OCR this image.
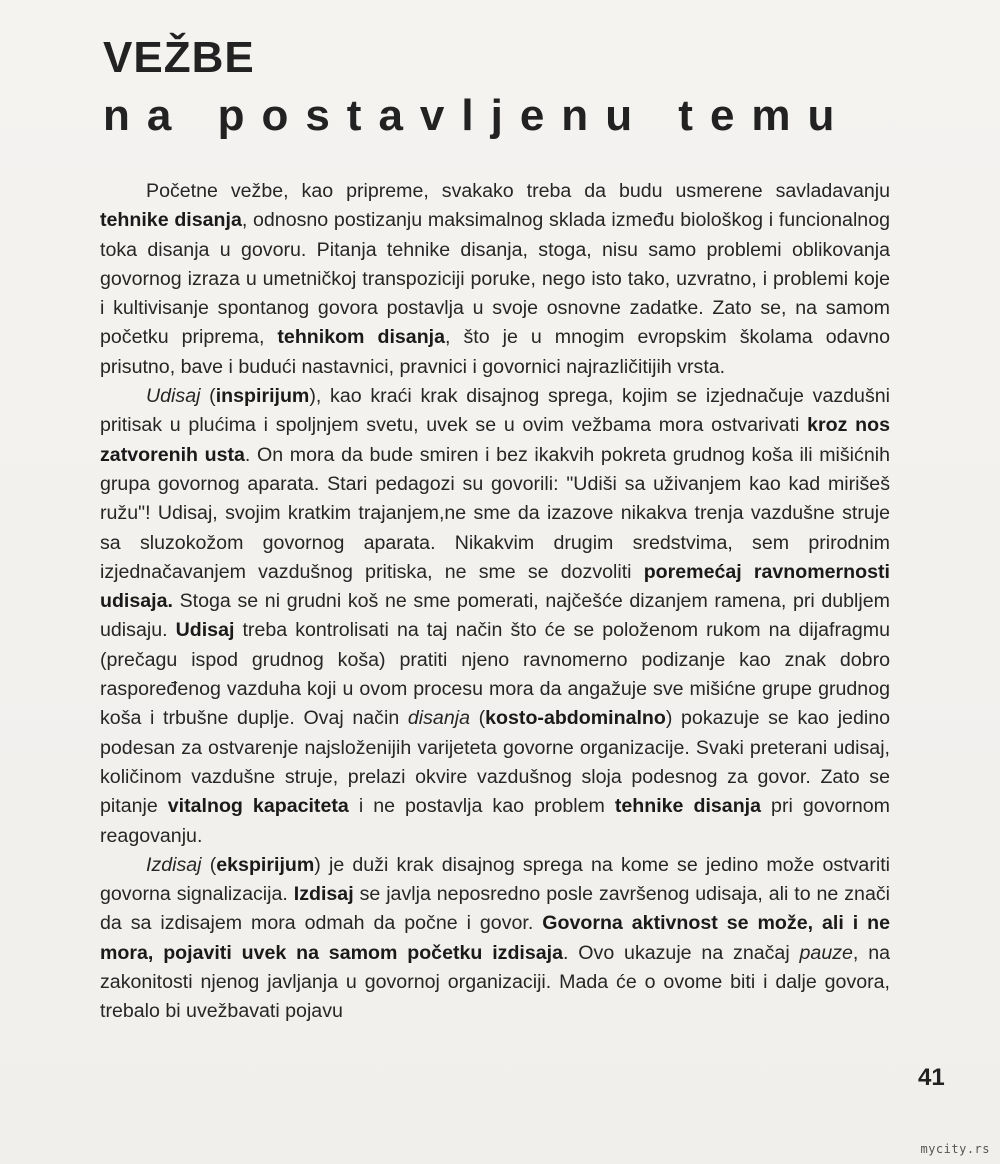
VEŽBE
na postavljenu temu

Početne vežbe, kao pripreme, svakako treba da budu usmerene savladavanju tehnike disanja, odnosno postizanju maksimalnog sklada između biološkog i funcionalnog toka disanja u govoru. Pitanja tehnike disanja, stoga, nisu samo problemi oblikovanja govornog izraza u umetničkoj transpoziciji poruke, nego isto tako, uzvratno, i problemi koje i kultivisanje spontanog govora postavlja u svoje osnovne zadatke. Zato se, na samom početku priprema, tehnikom disanja, što je u mnogim evropskim školama odavno prisutno, bave i budući nastavnici, pravnici i govornici najrazličitijih vrsta.

Udisaj (inspirijum), kao kraći krak disajnog sprega, kojim se izjednačuje vazdušni pritisak u plućima i spoljnjem svetu, uvek se u ovim vežbama mora ostvarivati kroz nos zatvorenih usta. On mora da bude smiren i bez ikakvih pokreta grudnog koša ili mišićnih grupa govornog aparata. Stari pedagozi su govorili: "Udiši sa uživanjem kao kad mirišeš ružu"! Udisaj, svojim kratkim trajanjem,ne sme da izazove nikakva trenja vazdušne struje sa sluzokožom govornog aparata. Nikakvim drugim sredstvima, sem prirodnim izjednačavanjem vazdušnog pritiska, ne sme se dozvoliti poremećaj ravnomernosti udisaja. Stoga se ni grudni koš ne sme pomerati, najčešće dizanjem ramena, pri dubljem udisaju. Udisaj treba kontrolisati na taj način što će se položenom rukom na dijafragmu (prečagu ispod grudnog koša) pratiti njeno ravnomerno podizanje kao znak dobro raspoređenog vazduha koji u ovom procesu mora da angažuje sve mišićne grupe grudnog koša i trbušne duplje. Ovaj način disanja (kosto-abdominalno) pokazuje se kao jedino podesan za ostvarenje najsloženijih varijeteta govorne organizacije. Svaki preterani udisaj, količinom vazdušne struje, prelazi okvire vazdušnog sloja podesnog za govor. Zato se pitanje vitalnog kapaciteta i ne postavlja kao problem tehnike disanja pri govornom reagovanju.

Izdisaj (ekspirijum) je duži krak disajnog sprega na kome se jedino može ostvariti govorna signalizacija. Izdisaj se javlja neposredno posle završenog udisaja, ali to ne znači da sa izdisajem mora odmah da počne i govor. Govorna aktivnost se može, ali i ne mora, pojaviti uvek na samom početku izdisaja. Ovo ukazuje na značaj pauze, na zakonitosti njenog javljanja u govornoj organizaciji. Mada će o ovome biti i dalje govora, trebalo bi uvežbavati pojavu

41
mycity.rs
